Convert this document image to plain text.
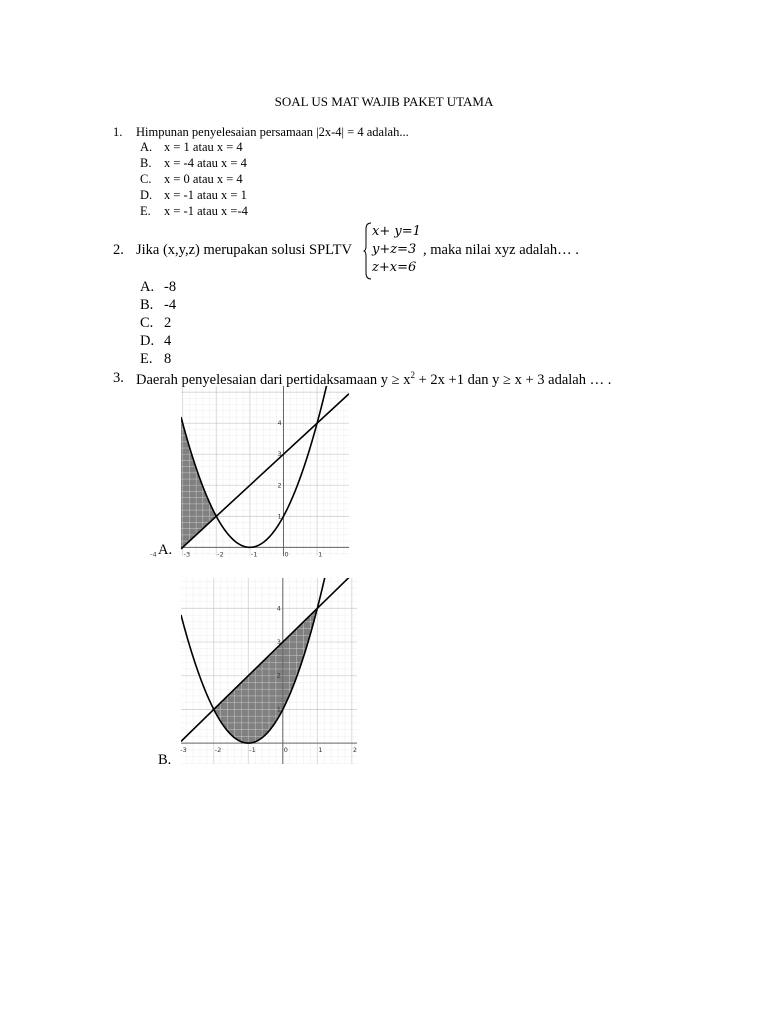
SOAL US MAT WAJIB PAKET UTAMA
1. Himpunan penyelesaian persamaan |2x-4| = 4 adalah...
A. x = 1 atau x = 4
B. x = -4 atau x = 4
C. x = 0 atau x = 4
D. x = -1 atau x = 1
E. x = -1 atau x =-4
2. Jika (x,y,z) merupakan solusi SPLTV
x+ y=1
y+z=3
z+x=6
, maka nilai xyz adalah… .
A. -8
B. -4
C. 2
D. 4
E. 8
3. Daerah penyelesaian dari pertidaksamaan $y \ge x^2 + 2x +1$ dan y ≥ x + 3 adalah … .
-4	-3	-2	-1	0	1
1
2
3
4
A.
-3	-2	-1	0	1	2
1
2
3
4
B.
